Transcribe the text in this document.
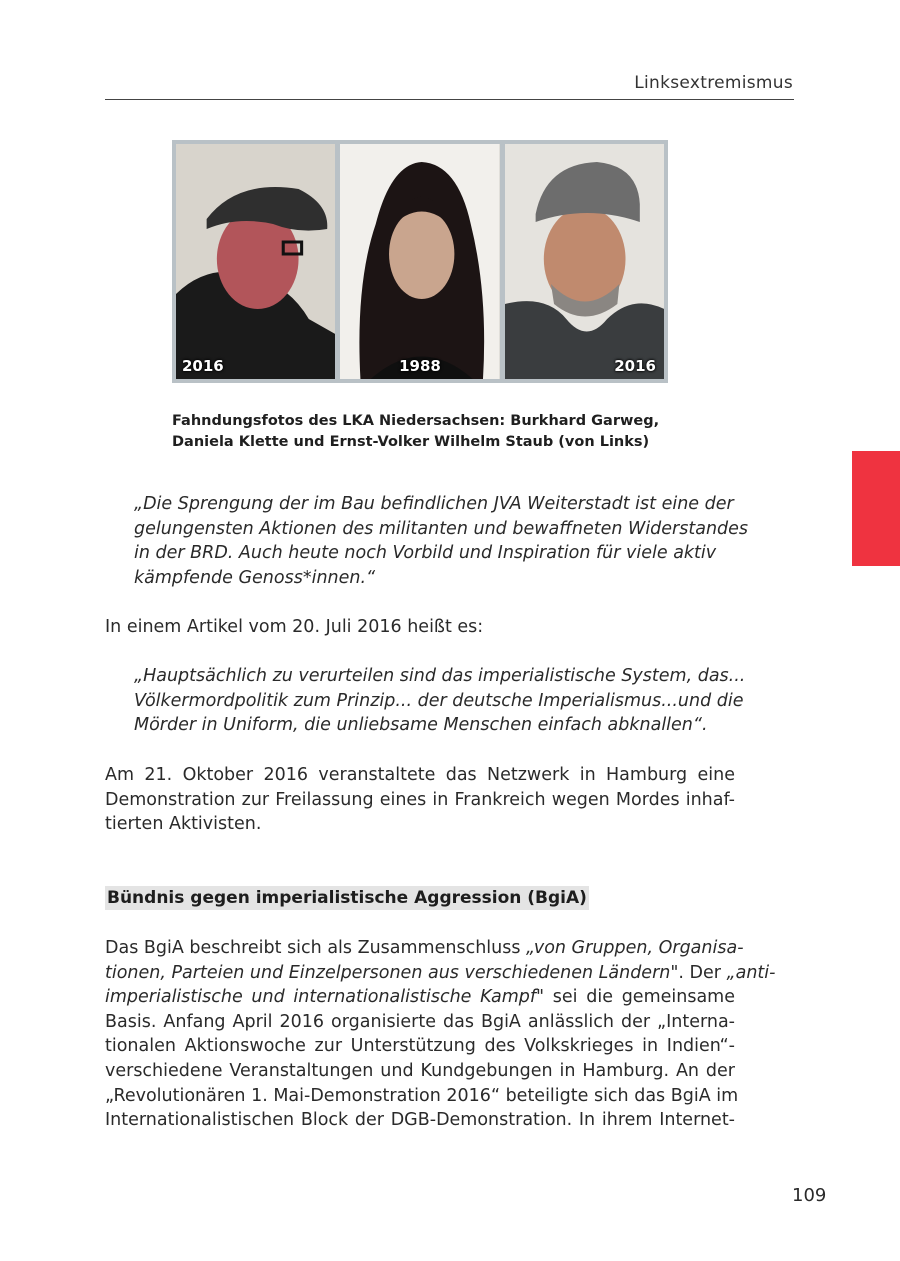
Linksextremismus
2016	1988	2016
Fahndungsfotos des LKA Niedersachsen: Burkhard Garweg,
Daniela Klette und Ernst-Volker Wilhelm Staub (von Links)
„Die Sprengung der im Bau befindlichen JVA Weiterstadt ist eine der
gelungensten Aktionen des militanten und bewaffneten Widerstandes
in der BRD. Auch heute noch Vorbild und Inspiration für viele aktiv
kämpfende Genoss*innen.“
In einem Artikel vom 20. Juli 2016 heißt es:
„Hauptsächlich zu verurteilen sind das imperialistische System, das...
Völkermordpolitik zum Prinzip... der deutsche Imperialismus...und die
Mörder in Uniform, die unliebsame Menschen einfach abknallen“.
Am 21. Oktober 2016 veranstaltete das Netzwerk in Hamburg eine
Demonstration zur Freilassung eines in Frankreich wegen Mordes inhaf-
tierten Aktivisten.
Bündnis gegen imperialistische Aggression (BgiA)
Das BgiA beschreibt sich als Zusammenschluss „von Gruppen, Organisa-
tionen, Parteien und Einzelpersonen aus verschiedenen Ländern". Der „anti-
imperialistische und internationalistische Kampf" sei die gemeinsame
Basis. Anfang April 2016 organisierte das BgiA anlässlich der „Interna-
tionalen Aktionswoche zur Unterstützung des Volkskrieges in Indien“-
verschiedene Veranstaltungen und Kundgebungen in Hamburg. An der
„Revolutionären 1. Mai-Demonstration 2016“ beteiligte sich das BgiA im
Internationalistischen Block der DGB-Demonstration. In ihrem Internet-
109
